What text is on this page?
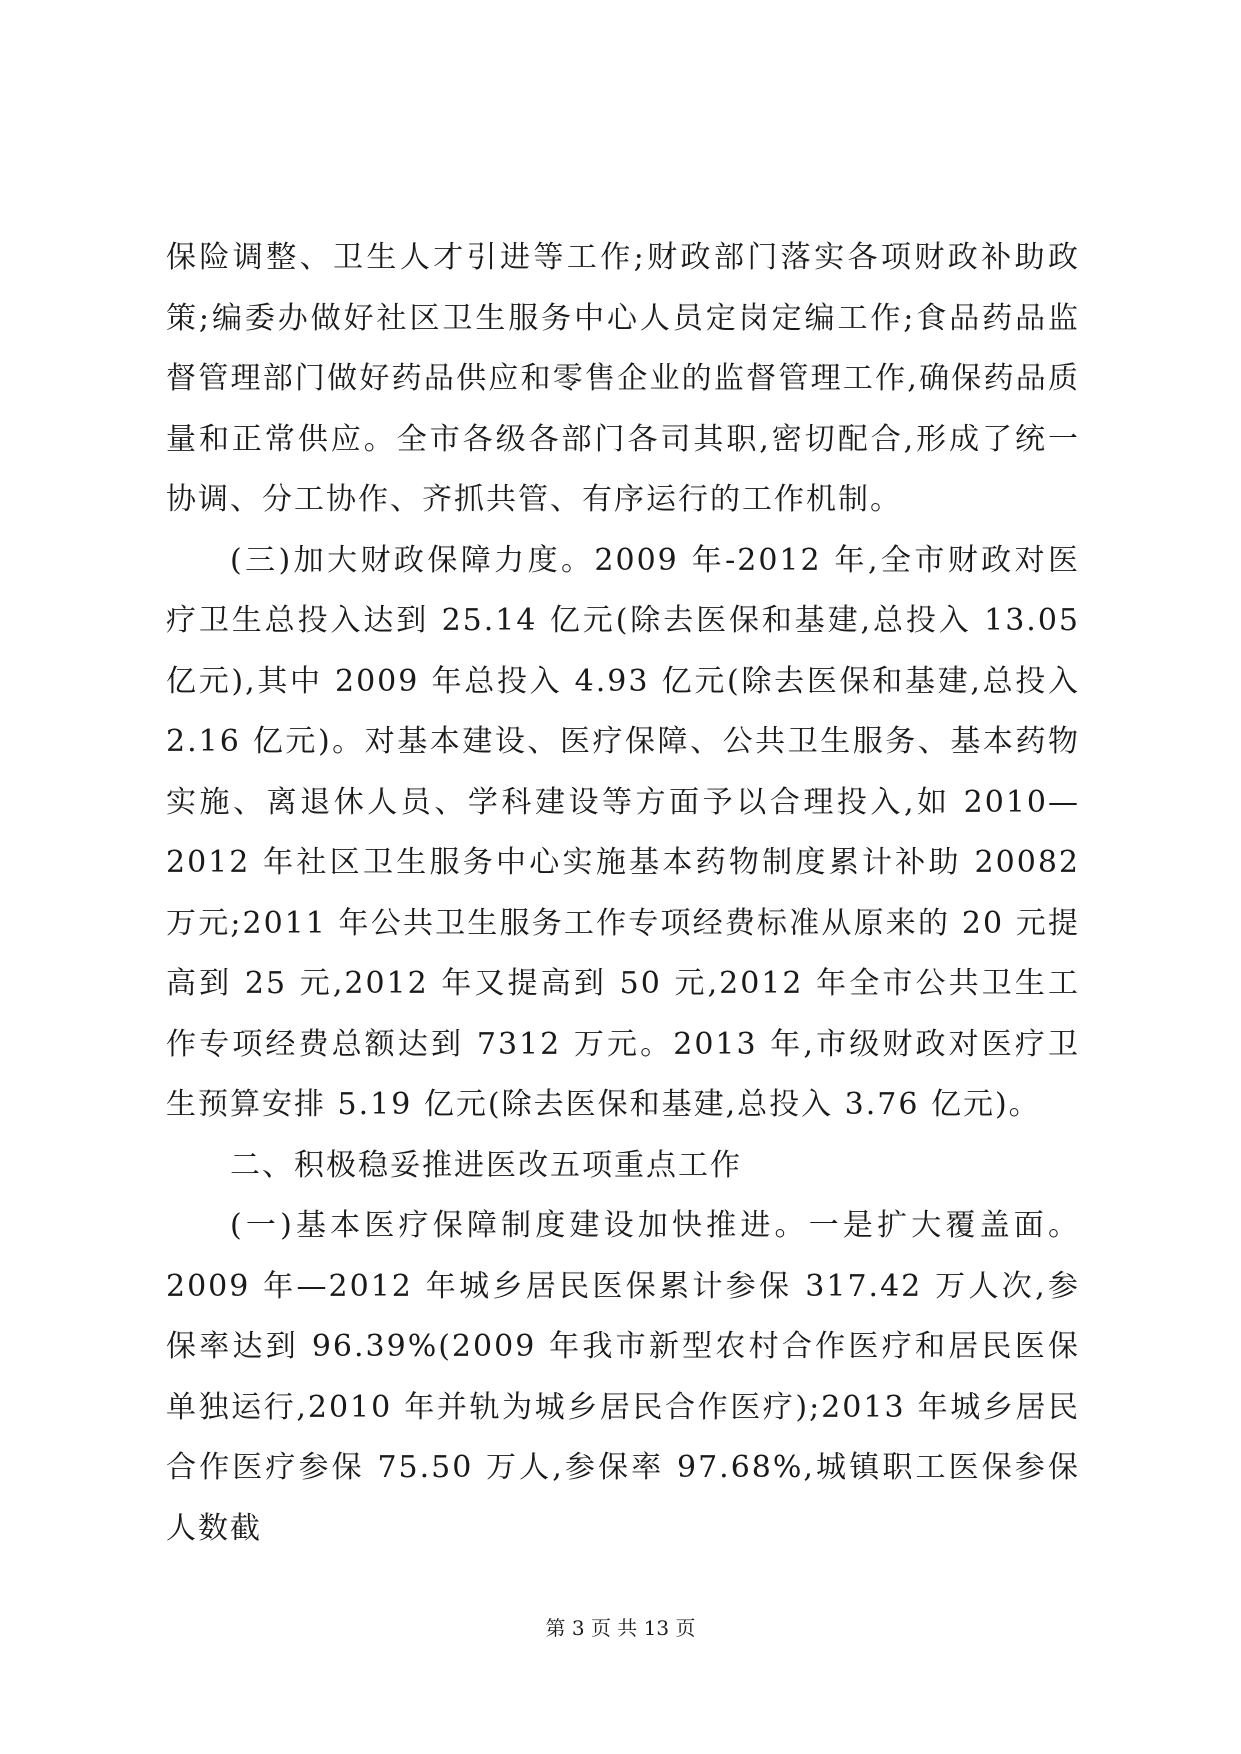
保险调整、卫生人才引进等工作;财政部门落实各项财政补助政策;编委办做好社区卫生服务中心人员定岗定编工作;食品药品监督管理部门做好药品供应和零售企业的监督管理工作,确保药品质量和正常供应。全市各级各部门各司其职,密切配合,形成了统一协调、分工协作、齐抓共管、有序运行的工作机制。

(三)加大财政保障力度。2009 年-2012 年,全市财政对医疗卫生总投入达到 25.14 亿元(除去医保和基建,总投入 13.05 亿元),其中 2009 年总投入 4.93 亿元(除去医保和基建,总投入 2.16 亿元)。对基本建设、医疗保障、公共卫生服务、基本药物实施、离退休人员、学科建设等方面予以合理投入,如 2010—2012 年社区卫生服务中心实施基本药物制度累计补助 20082 万元;2011 年公共卫生服务工作专项经费标准从原来的 20 元提高到 25 元,2012 年又提高到 50 元,2012 年全市公共卫生工作专项经费总额达到 7312 万元。2013 年,市级财政对医疗卫生预算安排 5.19 亿元(除去医保和基建,总投入 3.76 亿元)。

二、积极稳妥推进医改五项重点工作

(一)基本医疗保障制度建设加快推进。一是扩大覆盖面。2009 年—2012 年城乡居民医保累计参保 317.42 万人次,参保率达到 96.39%(2009 年我市新型农村合作医疗和居民医保单独运行,2010 年并轨为城乡居民合作医疗);2013 年城乡居民合作医疗参保 75.50 万人,参保率 97.68%,城镇职工医保参保人数截

第 3 页 共 13 页
